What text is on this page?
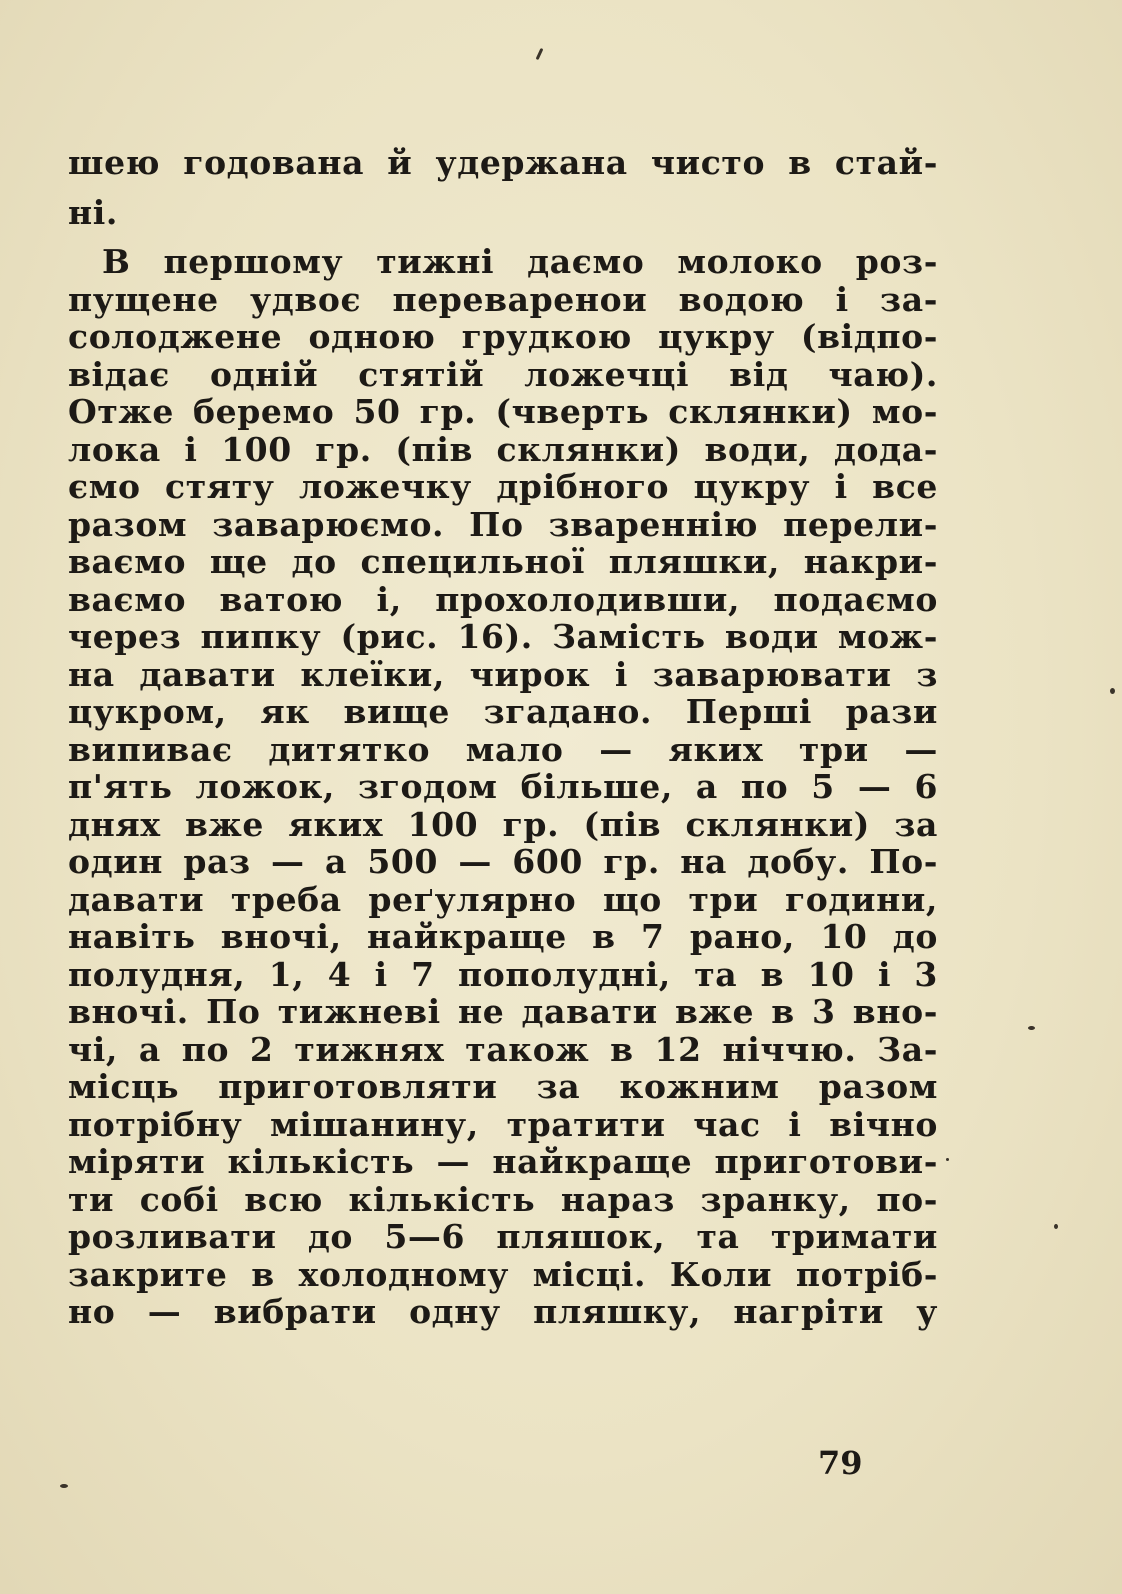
шею годована й удержана чисто в стай-
ні.
В першому тижні даємо молоко роз-
пущене удвоє переваренои водою і за-
солоджене одною грудкою цукру (відпо-
відає одній стятій ложечці від чаю).
Отже беремо 50 гр. (чверть склянки) мо-
лока і 100 гр. (пів склянки) води, дода-
ємо стяту ложечку дрібного цукру і все
разом заварюємо. По звареннію перели-
ваємо ще до специльної пляшки, накри-
ваємо ватою і, прохолодивши, подаємо
через пипку (рис. 16). Замість води мож-
на давати клеїки, чирок і заварювати з
цукром, як вище згадано. Перші рази
випиває дитятко мало — яких три —
п'ять ложок, згодом більше, а по 5 — 6
днях вже яких 100 гр. (пів склянки) за
один раз — а 500 — 600 гр. на добу. По-
давати треба реґулярно що три години,
навіть вночі, найкраще в 7 рано, 10 до
полудня, 1, 4 і 7 пополудні, та в 10 і 3
вночі. По тижневі не давати вже в 3 вно-
чі, а по 2 тижнях також в 12 ніччю. За-
місць приготовляти за кожним разом
потрібну мішанину, тратити час і вічно
міряти кількість — найкраще приготови-
ти собі всю кількість нараз зранку, по-
розливати до 5—6 пляшок, та тримати
закрите в холодному місці. Коли потріб-
но — вибрати одну пляшку, нагріти у
79
